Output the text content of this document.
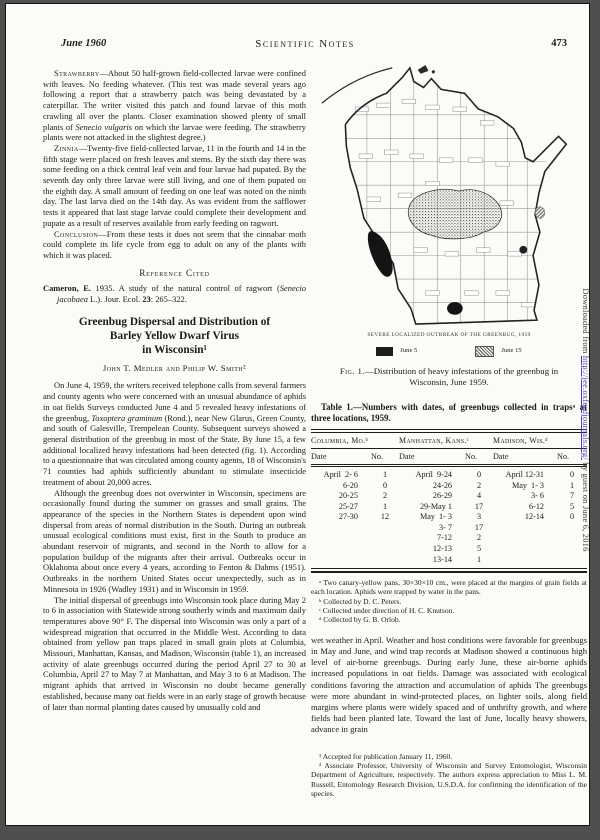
June 1960	Scientific Notes	473

Strawberry—About 50 half-grown field-collected larvae were confined with leaves. No feeding whatever. (This test was made several years ago following a report that a strawberry patch was being devastated by a caterpillar. The writer visited this patch and found larvae of this moth crawling all over the plants. Closer examination showed plenty of small plants of Senecio vulgaris on which the larvae were feeding. The strawberry plants were not attacked in the slightest degree.)

Zinnia—Twenty-five field-collected larvae, 11 in the fourth and 14 in the fifth stage were placed on fresh leaves and stems. By the sixth day there was some feeding on a thick central leaf vein and four larvae had pupated. By the seventh day only three larvae were still living, and one of them pupated on the eighth day. A small amount of feeding on one leaf was noted on the ninth day. The last larva died on the 14th day. As was evident from the safflower tests it appeared that last stage larvae could complete their development and pupate as a result of reserves available from early feeding on ragwort.

Conclusion—From these tests it does not seem that the cinnabar moth could complete its life cycle from egg to adult on any of the plants with which it was placed.

Reference Cited

Cameron, E. 1935. A study of the natural control of ragwort (Senecio jacobaea L.). Jour. Ecol. 23: 265–322.

Greenbug Dispersal and Distribution of
Barley Yellow Dwarf Virus
in Wisconsin¹

John T. Medler and Philip W. Smith²

On June 4, 1959, the writers received telephone calls from several farmers and county agents who were concerned with an unusual abundance of aphids in oat fields Surveys conducted June 4 and 5 revealed heavy infestations of the greenbug, Toxoptera graminum (Rond.), near New Glarus, Green County, and south of Galesville, Trempelean County. Subsequent surveys showed a general distribution of the greenbug in most of the State. By June 15, a few additional localized heavy infestations had been detected (fig. 1). According to a questionnaire that was circulated among county agents, 18 of Wisconsin's 71 counties had aphids sufficiently abundant to stimulate insecticide treatment of about 20,000 acres.

Although the greenbug does not overwinter in Wisconsin, specimens are occasionally found during the summer on grasses and small grains. The appearance of the species in the Northern States is dependent upon wind dispersal from areas of normal distribution in the South. During an outbreak unusual ecological conditions must exist, first in the South to produce an abundant reservoir of migrants, and second in the North to allow for a population buildup of the migrants after their arrival. Outbreaks occur in Oklahoma about once every 4 years, according to Fenton & Dahms (1951). Outbreaks in the northern United States occur unexpectedly, such as in Minnesota in 1926 (Wadley 1931) and in Wisconsin in 1959.

The initial dispersal of greenbugs into Wisconsin took place during May 2 to 6 in association with Statewide strong southerly winds and maximum daily temperatures above 90° F. The dispersal into Wisconsin was only a part of a widespread migration that occurred in the Middle West. According to data obtained from yellow pan traps placed in small grain plots at Columbia, Missouri, Manhattan, Kansas, and Madison, Wisconsin (table 1), an increased activity of alate greenbugs occurred during the period April 27 to 30 at Columbia, April 27 to May 7 at Manhattan, and May 3 to 6 at Madison. The migrant aphids that arrived in Wisconsin no doubt became generally established, because many oat fields were in an early stage of growth because of later than normal planting dates caused by unusually cold and

SEVERE LOCALIZED OUTBREAK OF THE GREENBUG, 1959
June 5	June 15

Fig. 1.—Distribution of heavy infestations of the greenbug in Wisconsin, June 1959.

Table 1.—Numbers with dates, of greenbugs collected in trapsᵃ at three locations, 1959.

Columbia, Mo.ᵇ		Manhattan, Kans.ᶜ		Madison, Wis.ᵈ	
Date	No.	Date	No.	Date	No.
April  2- 6	1	April  9-24	0	April 12-31	0
6-20	0	24-26	2	May  1- 3	1
20-25	2	26-29	4	3- 6	7
25-27	1	29-May 1	17	6-12	5
27-30	12	May  1- 3	3	12-14	0
		3- 7	17		
		7-12	2		
		12-13	5		
		13-14	1		

ᵃ Two canary-yellow pans, 30×30×10 cm., were placed at the margins of grain fields at each location. Aphids were trapped by water in the pans.

ᵇ Collected by D. C. Peters.

ᶜ Collected under direction of H. C. Knutson.

ᵈ Collected by G. B. Orlob.

wet weather in April. Weather and host conditions were favorable for greenbugs in May and June, and wind trap records at Madison showed a continuous high level of air-borne greenbugs. During early June, these air-borne aphids increased populations in oat fields. Damage was associated with ecological conditions favoring the attraction and accumulation of aphids The greenbugs were more abundant in wind-protected places, on lighter soils, along field margins where plants were widely spaced and of unthrifty growth, and where fields had been planted late. Toward the last of June, locally heavy showers, advance in grain

¹ Accepted for publication January 11, 1960.

² Associate Professor, University of Wisconsin and Survey Entomologist, Wisconsin Department of Agriculture, respectively. The authors express appreciation to Miss L. M. Russell, Entomology Research Division, U.S.D.A. for confirming the identification of the species.

Downloaded from http://jee.oxfordjournals.org/ by guest on June 6, 2016
